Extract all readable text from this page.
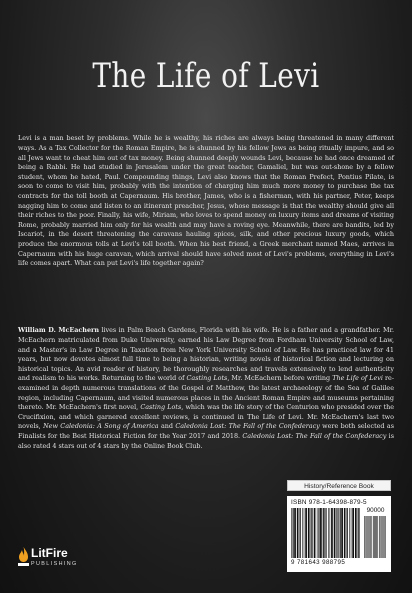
The Life of Levi

Levi is a man beset by problems. While he is wealthy, his riches are always being threatened in many different ways. As a Tax Collector for the Roman Empire, he is shunned by his fellow Jews as being ritually impure, and so all Jews want to cheat him out of tax money. Being shunned deeply wounds Levi, because he had once dreamed of being a Rabbi. He had studied in Jerusalem under the great teacher, Gamaliel, but was out-shone by a fellow student, whom he hated, Paul. Compounding things, Levi also knows that the Roman Prefect, Pontius Pilate, is soon to come to visit him, probably with the intention of charging him much more money to purchase the tax contracts for the toll booth at Capernaum. His brother, James, who is a fisherman, with his partner, Peter, keeps nagging him to come and listen to an itinerant preacher, Jesus, whose message is that the wealthy should give all their riches to the poor. Finally, his wife, Miriam, who loves to spend money on luxury items and dreams of visiting Rome, probably married him only for his wealth and may have a roving eye. Meanwhile, there are bandits, led by Iscariot, in the desert threatening the caravans hauling spices, silk, and other precious luxury goods, which produce the enormous tolls at Levi's toll booth. When his best friend, a Greek merchant named Maes, arrives in Capernaum with his huge caravan, which arrival should have solved most of Levi's problems, everything in Levi's life comes apart. What can put Levi's life together again?

William D. McEachern lives in Palm Beach Gardens, Florida with his wife. He is a father and a grandfather. Mr. McEachern matriculated from Duke University, earned his Law Degree from Fordham University School of Law, and a Master's in Law Degree in Taxation from New York University School of Law. He has practiced law for 41 years, but now devotes almost full time to being a historian, writing novels of historical fiction and lecturing on historical topics. An avid reader of history, he thoroughly researches and travels extensively to lend authenticity and realism to his works. Returning to the world of Casting Lots, Mr. McEachern before writing The Life of Levi re-examined in depth numerous translations of the Gospel of Matthew, the latest archaeology of the Sea of Galilee region, including Capernaum, and visited numerous places in the Ancient Roman Empire and museums pertaining thereto. Mr. McEachern's first novel, Casting Lots, which was the life story of the Centurion who presided over the Crucifixion, and which garnered excellent reviews, is continued in The Life of Levi. Mr. McEachern's last two novels, New Caledonia: A Song of America and Caledonia Lost: The Fall of the Confederacy were both selected as Finalists for the Best Historical Fiction for the Year 2017 and 2018. Caledonia Lost: The Fall of the Confederacy is also rated 4 stars out of 4 stars by the Online Book Club.

History/Reference Book
ISBN 978-1-64398-879-5
90000
9 781643 988795
LitFire
PUBLISHING
